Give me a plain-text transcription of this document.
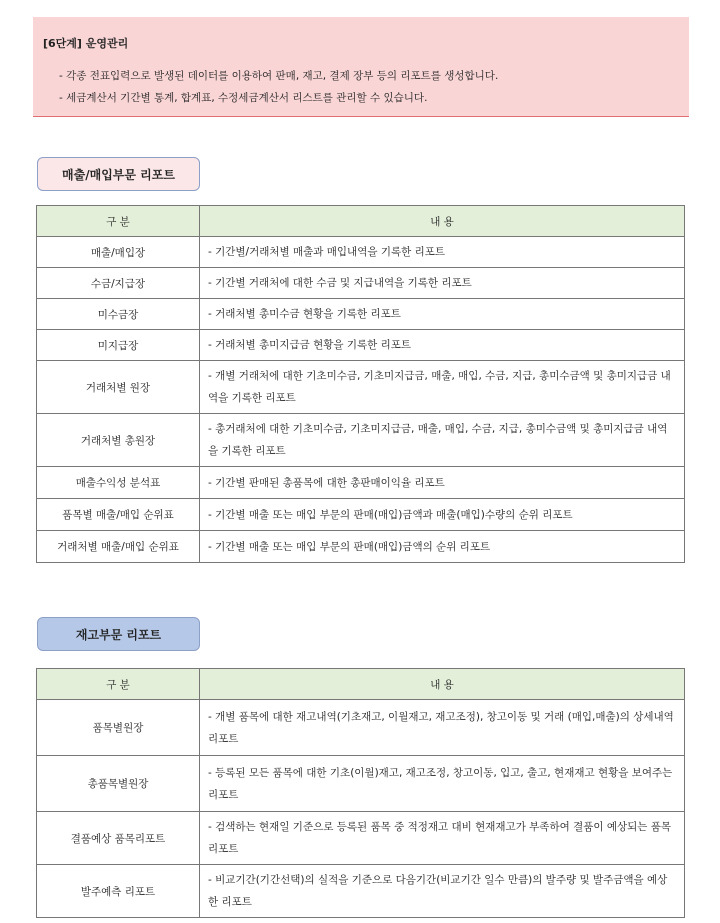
[6단계] 운영관리
- 각종 전표입력으로 발생된 데이터를 이용하여 판매, 재고, 결제 장부 등의 리포트를 생성합니다.
- 세금계산서 기간별 통계, 합계표, 수정세금계산서 리스트를 관리할 수 있습니다.
매출/매입부문 리포트
구 분	내 용
매출/매입장	- 기간별/거래처별 매출과 매입내역을 기록한 리포트
수금/지급장	- 기간별 거래처에 대한 수금 및 지급내역을 기록한 리포트
미수금장	- 거래처별 총미수금 현황을 기록한 리포트
미지급장	- 거래처별 총미지급금 현황을 기록한 리포트
거래처별 원장	- 개별 거래처에 대한 기초미수금, 기초미지급금, 매출, 매입, 수금, 지급, 총미수금액 및 총미지급금 내역을 기록한 리포트
거래처별 총원장	- 총거래처에 대한 기초미수금, 기초미지급금, 매출, 매입, 수금, 지급, 총미수금액 및 총미지급금 내역을 기록한 리포트
매출수익성 분석표	- 기간별 판매된 총품목에 대한 총판매이익율 리포트
품목별 매출/매입 순위표	- 기간별 매출 또는 매입 부문의 판매(매입)금액과 매출(매입)수량의 순위 리포트
거래처별 매출/매입 순위표	- 기간별 매출 또는 매입 부문의 판매(매입)금액의 순위 리포트
재고부문 리포트
구 분	내 용
품목별원장	- 개별 품목에 대한 재고내역(기초재고, 이월재고, 재고조정), 창고이동 및 거래 (매입,매출)의 상세내역 리포트
총품목별원장	- 등록된 모든 품목에 대한 기초(이월)재고, 재고조정, 창고이동, 입고, 출고, 현재재고 현황을 보여주는 리포트
결품예상 품목리포트	- 검색하는 현재일 기준으로 등록된 품목 중 적정재고 대비 현재재고가 부족하여 결품이 예상되는 품목 리포트
발주예측 리포트	- 비교기간(기간선택)의 실적을 기준으로 다음기간(비교기간 일수 만큼)의 발주량 및 발주금액을 예상한 리포트
